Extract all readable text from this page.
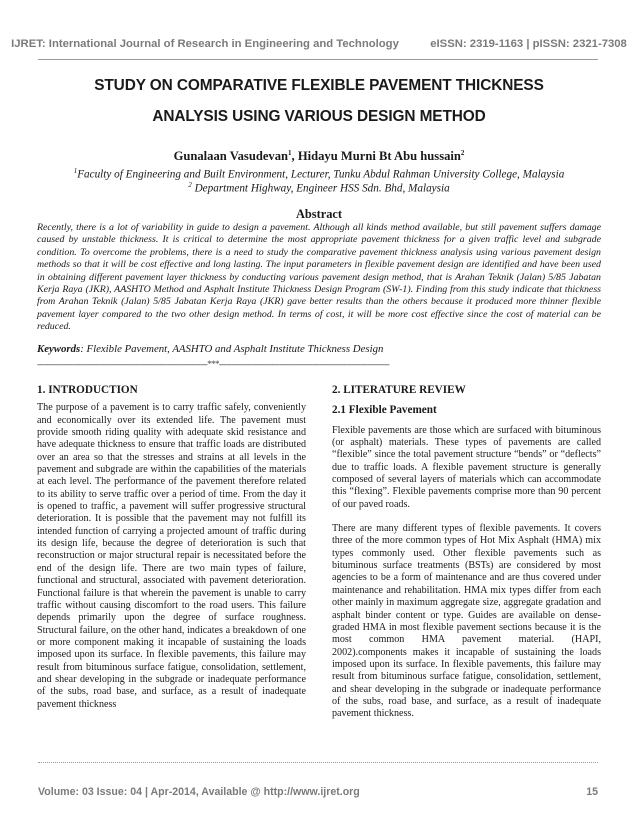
IJRET: International Journal of Research in Engineering and Technology	eISSN: 2319-1163 | pISSN: 2321-7308
STUDY ON COMPARATIVE FLEXIBLE PAVEMENT THICKNESS
ANALYSIS USING VARIOUS DESIGN METHOD
Gunalaan Vasudevan$^1$, Hidayu Murni Bt Abu hussain$^2$
$^1$Faculty of Engineering and Built Environment, Lecturer, Tunku Abdul Rahman University College, Malaysia
$^2$ Department Highway, Engineer HSS Sdn. Bhd, Malaysia
Abstract
Recently, there is a lot of variability in guide to design a pavement. Although all kinds method available, but still pavement suffers damage caused by unstable thickness. It is critical to determine the most appropriate pavement thickness for a given traffic level and subgrade condition. To overcome the problems, there is a need to study the comparative pavement thickness analysis using various pavement design methods so that it will be cost effective and long lasting. The input parameters in flexible pavement design are identified and have been used in obtaining different pavement layer thickness by conducting various pavement design method, that is Arahan Teknik (Jalan) 5/85 Jabatan Kerja Raya (JKR), AASHTO Method and Asphalt Institute Thickness Design Program (SW-1). Finding from this study indicate that thickness from Arahan Teknik (Jalan) 5/85 Jabatan Kerja Raya (JKR) gave better results than the others because it produced more thinner flexible pavement layer compared to the two other design method. In terms of cost, it will be more cost effective since the cost of material can be reduced.
Keywords: Flexible Pavement, AASHTO and Asphalt Institute Thickness Design
-----------------------------------------------------------------------***-----------------------------------------------------------------------
1. INTRODUCTION

The purpose of a pavement is to carry traffic safely, conveniently and economically over its extended life. The pavement must provide smooth riding quality with adequate skid resistance and have adequate thickness to ensure that traffic loads are distributed over an area so that the stresses and strains at all levels in the pavement and subgrade are within the capabilities of the materials at each level. The performance of the pavement therefore related to its ability to serve traffic over a period of time. From the day it is opened to traffic, a pavement will suffer progressive structural deterioration. It is possible that the pavement may not fulfill its intended function of carrying a projected amount of traffic during its design life, because the degree of deterioration is such that reconstruction or major structural repair is necessitated before the end of the design life. There are two main types of failure, functional and structural, associated with pavement deterioration. Functional failure is that wherein the pavement is unable to carry traffic without causing discomfort to the road users. This failure depends primarily upon the degree of surface roughness. Structural failure, on the other hand, indicates a breakdown of one or more component making it incapable of sustaining the loads imposed upon its surface. In flexible pavements, this failure may result from bituminous surface fatigue, consolidation, settlement, and shear developing in the subgrade or inadequate performance of the subs, road base, and surface, as a result of inadequate pavement thickness

2. LITERATURE REVIEW
2.1 Flexible Pavement

Flexible pavements are those which are surfaced with bituminous (or asphalt) materials. These types of pavements are called “flexible” since the total pavement structure “bends” or “deflects” due to traffic loads. A flexible pavement structure is generally composed of several layers of materials which can accommodate this “flexing”. Flexible pavements comprise more than 90 percent of our paved roads.

There are many different types of flexible pavements. It covers three of the more common types of Hot Mix Asphalt (HMA) mix types commonly used. Other flexible pavements such as bituminous surface treatments (BSTs) are considered by most agencies to be a form of maintenance and are thus covered under maintenance and rehabilitation. HMA mix types differ from each other mainly in maximum aggregate size, aggregate gradation and asphalt binder content or type. Guides are available on dense-graded HMA in most flexible pavement sections because it is the most common HMA pavement material. (HAPI, 2002).components makes it incapable of sustaining the loads imposed upon its surface. In flexible pavements, this failure may result from bituminous surface fatigue, consolidation, settlement, and shear developing in the subgrade or inadequate performance of the subs, road base, and surface, as a result of inadequate pavement thickness.

Volume: 03 Issue: 04 | Apr-2014, Available @ http://www.ijret.org	15
